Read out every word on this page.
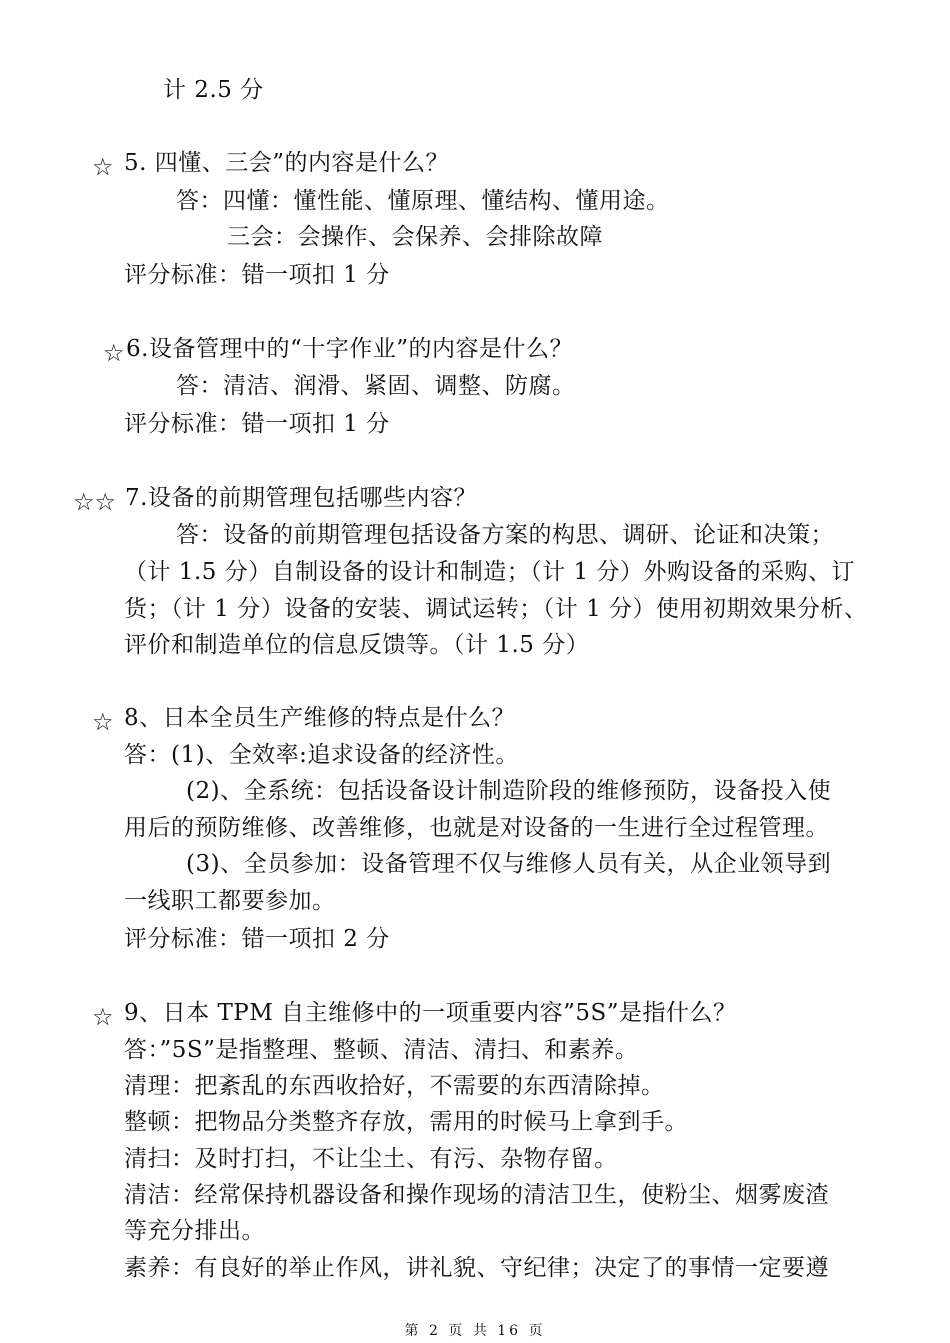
计 2.5 分
☆ 5. 四懂、三会”的内容是什么？
答：四懂：懂性能、懂原理、懂结构、懂用途。
三会：会操作、会保养、会排除故障
评分标准：错一项扣 1 分
☆ 6.设备管理中的“十字作业”的内容是什么？
答：清洁、润滑、紧固、调整、防腐。
评分标准：错一项扣 1 分
☆☆ 7.设备的前期管理包括哪些内容？
答：设备的前期管理包括设备方案的构思、调研、论证和决策；
（计 1.5 分）自制设备的设计和制造；（计 1 分）外购设备的采购、订
货；（计 1 分）设备的安装、调试运转；（计 1 分）使用初期效果分析、
评价和制造单位的信息反馈等。（计 1.5 分）
☆ 8、日本全员生产维修的特点是什么？
答：(1)、全效率:追求设备的经济性。
(2)、全系统：包括设备设计制造阶段的维修预防，设备投入使
用后的预防维修、改善维修，也就是对设备的一生进行全过程管理。
(3)、全员参加：设备管理不仅与维修人员有关，从企业领导到
一线职工都要参加。
评分标准：错一项扣 2 分
☆ 9、日本 TPM 自主维修中的一项重要内容”5S”是指什么？
答：”5S”是指整理、整顿、清洁、清扫、和素养。
清理：把紊乱的东西收拾好，不需要的东西清除掉。
整顿：把物品分类整齐存放，需用的时候马上拿到手。
清扫：及时打扫，不让尘土、有污、杂物存留。
清洁：经常保持机器设备和操作现场的清洁卫生，使粉尘、烟雾废渣
等充分排出。
素养：有良好的举止作风，讲礼貌、守纪律；决定了的事情一定要遵
第 2 页 共 16 页
